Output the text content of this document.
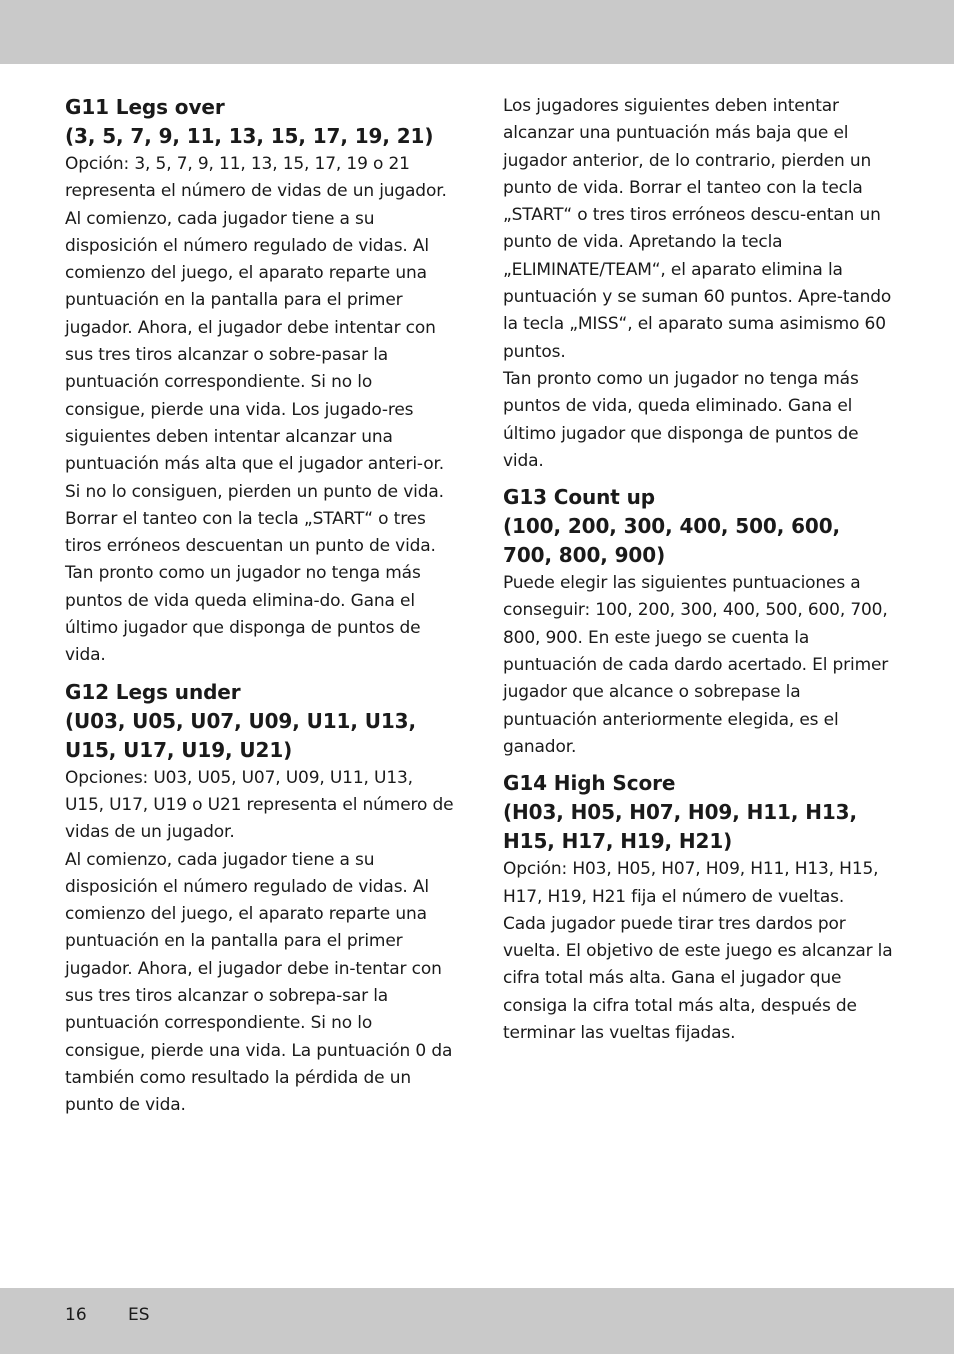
G11 Legs over
(3, 5, 7, 9, 11, 13, 15, 17, 19, 21)

Opción: 3, 5, 7, 9, 11, 13, 15, 17, 19 o 21 representa el número de vidas de un jugador.

Al comienzo, cada jugador tiene a su disposición el número regulado de vidas. Al comienzo del juego, el aparato reparte una puntuación en la pantalla para el primer jugador. Ahora, el jugador debe intentar con sus tres tiros alcanzar o sobre-pasar la puntuación correspondiente. Si no lo consigue, pierde una vida. Los jugado-res siguientes deben intentar alcanzar una puntuación más alta que el jugador anteri-or. Si no lo consiguen, pierden un punto de vida. Borrar el tanteo con la tecla „START“ o tres tiros erróneos descuentan un punto de vida. Tan pronto como un jugador no tenga más puntos de vida queda elimina-do. Gana el último jugador que disponga de puntos de vida.

G12 Legs under
(U03, U05, U07, U09, U11, U13,
U15, U17, U19, U21)

Opciones: U03, U05, U07, U09, U11, U13, U15, U17, U19 o U21 representa el número de vidas de un jugador.

Al comienzo, cada jugador tiene a su disposición el número regulado de vidas. Al comienzo del juego, el aparato reparte una puntuación en la pantalla para el primer jugador. Ahora, el jugador debe in-tentar con sus tres tiros alcanzar o sobrepa-sar la puntuación correspondiente. Si no lo consigue, pierde una vida. La puntuación 0 da también como resultado la pérdida de un punto de vida.

Los jugadores siguientes deben intentar alcanzar una puntuación más baja que el jugador anterior, de lo contrario, pierden un punto de vida. Borrar el tanteo con la tecla „START“ o tres tiros erróneos descu-entan un punto de vida. Apretando la tecla „ELIMINATE/TEAM“, el aparato elimina la puntuación y se suman 60 puntos. Apre-tando la tecla „MISS“, el aparato suma asimismo 60 puntos.

Tan pronto como un jugador no tenga más puntos de vida, queda eliminado. Gana el último jugador que disponga de puntos de vida.

G13 Count up
(100, 200, 300, 400, 500, 600,
700, 800, 900)

Puede elegir las siguientes puntuaciones a conseguir: 100, 200, 300, 400, 500, 600, 700, 800, 900. En este juego se cuenta la puntuación de cada dardo acertado. El primer jugador que alcance o sobrepase la puntuación anteriormente elegida, es el ganador.

G14 High Score
(H03, H05, H07, H09, H11, H13,
H15, H17, H19, H21)

Opción: H03, H05, H07, H09, H11, H13, H15, H17, H19, H21 fija el número de vueltas.

Cada jugador puede tirar tres dardos por vuelta. El objetivo de este juego es alcanzar la cifra total más alta. Gana el jugador que consiga la cifra total más alta, después de terminar las vueltas fijadas.

16 ES
